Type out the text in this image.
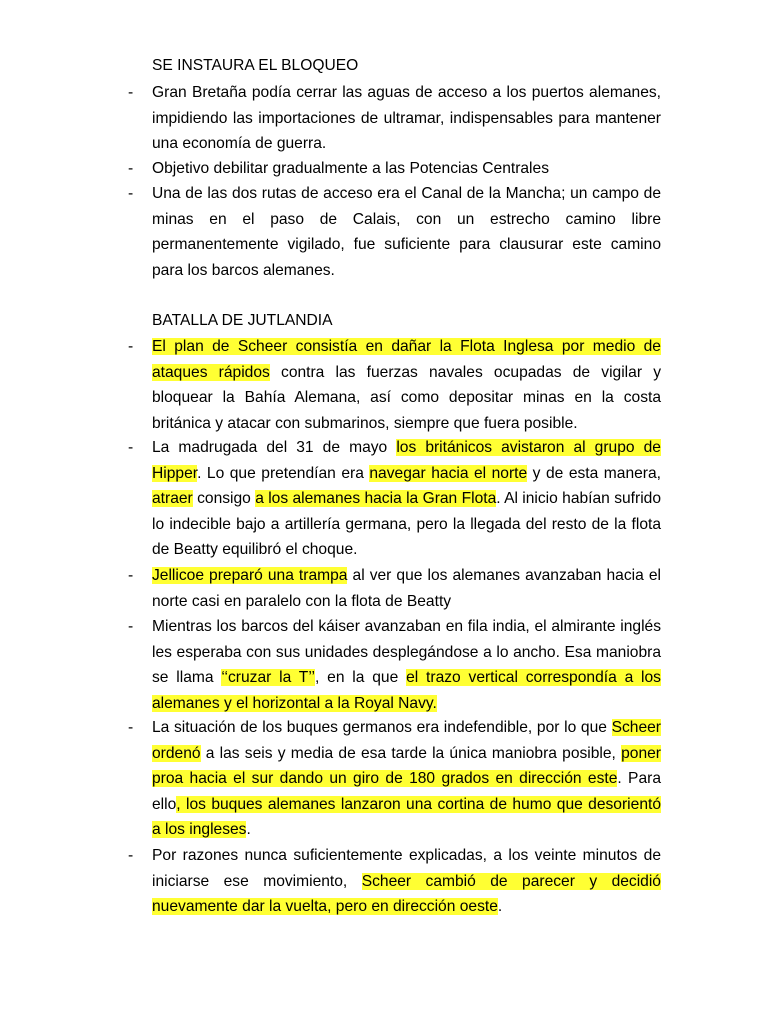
SE INSTAURA EL BLOQUEO
- Gran Bretaña podía cerrar las aguas de acceso a los puertos alemanes, impidiendo las importaciones de ultramar, indispensables para mantener una economía de guerra.

- Objetivo debilitar gradualmente a las Potencias Centrales

- Una de las dos rutas de acceso era el Canal de la Mancha; un campo de minas en el paso de Calais, con un estrecho camino libre permanentemente vigilado, fue suficiente para clausurar este camino para los barcos alemanes.

BATALLA DE JUTLANDIA
- El plan de Scheer consistía en dañar la Flota Inglesa por medio de ataques rápidos contra las fuerzas navales ocupadas de vigilar y bloquear la Bahía Alemana, así como depositar minas en la costa británica y atacar con submarinos, siempre que fuera posible.

- La madrugada del 31 de mayo los británicos avistaron al grupo de Hipper. Lo que pretendían era navegar hacia el norte y de esta manera, atraer consigo a los alemanes hacia la Gran Flota. Al inicio habían sufrido lo indecible bajo a artillería germana, pero la llegada del resto de la flota de Beatty equilibró el choque.

- Jellicoe preparó una trampa al ver que los alemanes avanzaban hacia el norte casi en paralelo con la flota de Beatty

- Mientras los barcos del káiser avanzaban en fila india, el almirante inglés les esperaba con sus unidades desplegándose a lo ancho. Esa maniobra se llama ‘‘cruzar la T’’, en la que el trazo vertical correspondía a los alemanes y el horizontal a la Royal Navy.

- La situación de los buques germanos era indefendible, por lo que Scheer ordenó a las seis y media de esa tarde la única maniobra posible, poner proa hacia el sur dando un giro de 180 grados en dirección este. Para ello, los buques alemanes lanzaron una cortina de humo que desorientó a los ingleses.

- Por razones nunca suficientemente explicadas, a los veinte minutos de iniciarse ese movimiento, Scheer cambió de parecer y decidió nuevamente dar la vuelta, pero en dirección oeste.
